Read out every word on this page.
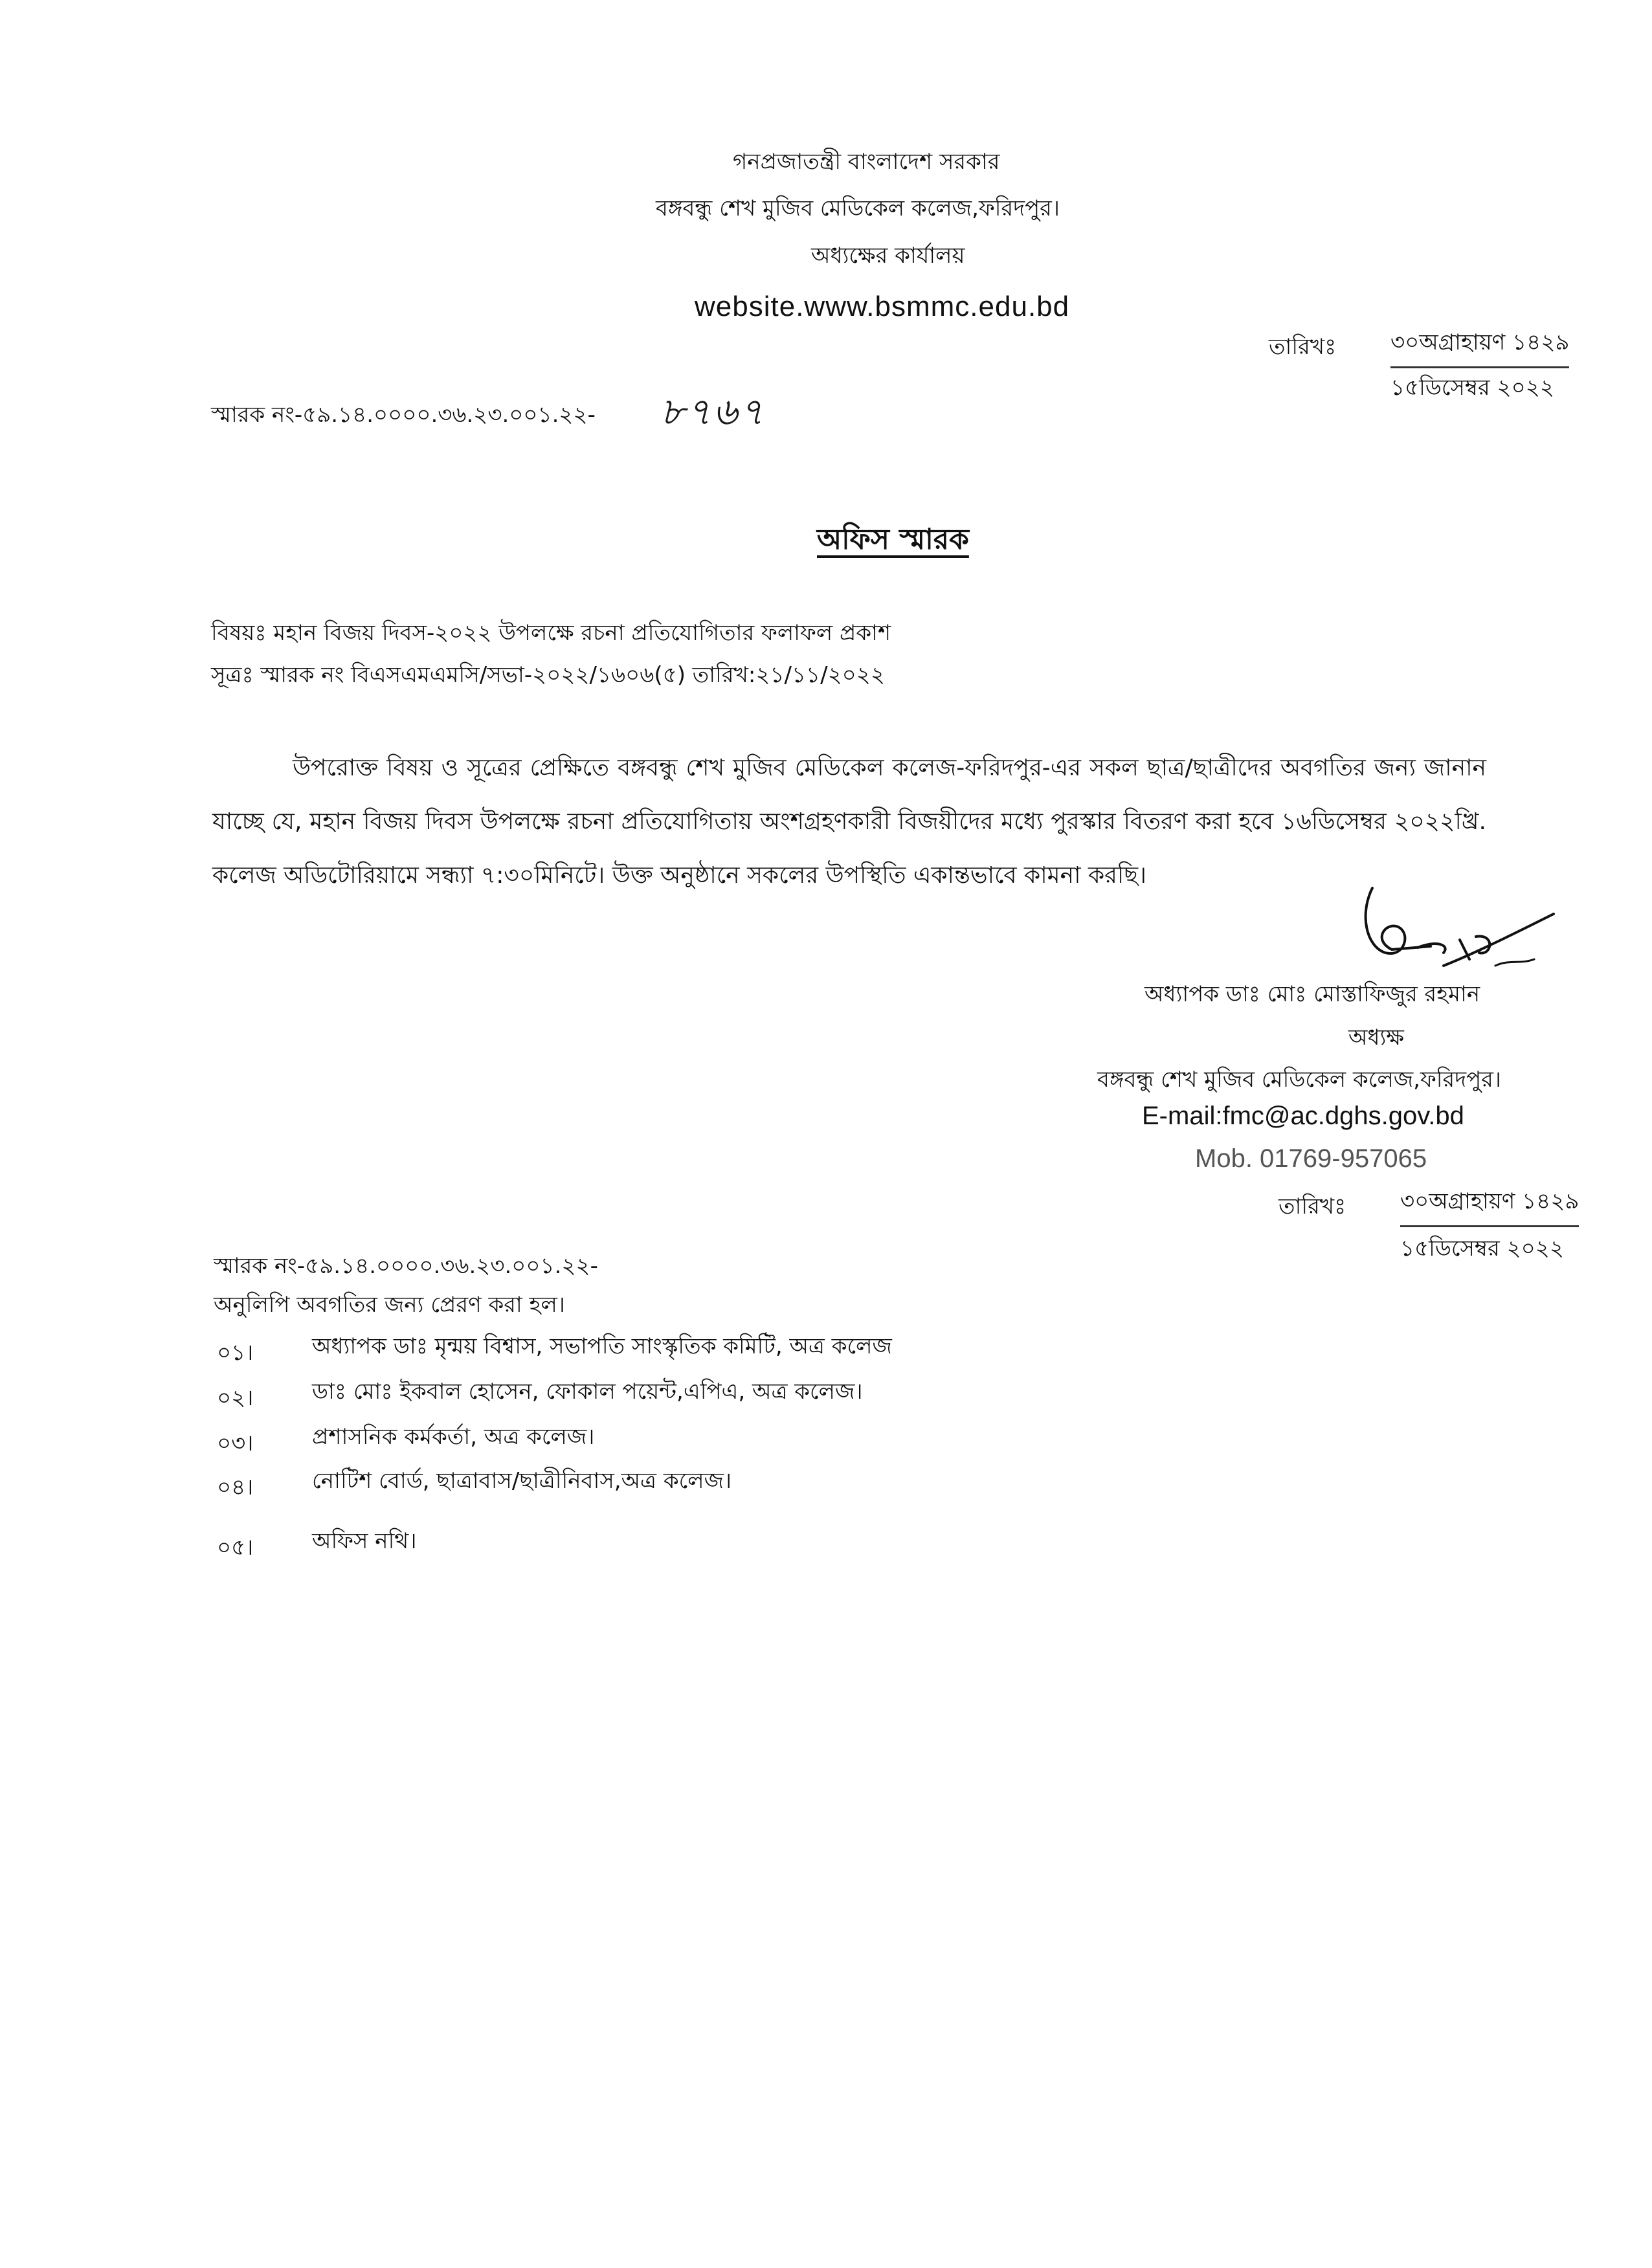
গনপ্রজাতন্ত্রী বাংলাদেশ সরকার
বঙ্গবন্ধু শেখ মুজিব মেডিকেল কলেজ,ফরিদপুর।
অধ্যক্ষের কার্যালয়
website.www.bsmmc.edu.bd
তারিখঃ ৩০অগ্রাহায়ণ ১৪২৯
১৫ডিসেম্বর ২০২২
স্মারক নং-৫৯.১৪.০০০০.৩৬.২৩.০০১.২২- ৮৭৬৭
অফিস স্মারক
বিষয়ঃ মহান বিজয় দিবস-২০২২ উপলক্ষে রচনা প্রতিযোগিতার ফলাফল প্রকাশ
সূত্রঃ স্মারক নং বিএসএমএমসি/সভা-২০২২/১৬০৬(৫) তারিখ:২১/১১/২০২২
উপরোক্ত বিষয় ও সূত্রের প্রেক্ষিতে বঙ্গবন্ধু শেখ মুজিব মেডিকেল কলেজ-ফরিদপুর-এর সকল ছাত্র/ছাত্রীদের অবগতির জন্য জানান যাচ্ছে যে, মহান বিজয় দিবস উপলক্ষে রচনা প্রতিযোগিতায় অংশগ্রহণকারী বিজয়ীদের মধ্যে পুরস্কার বিতরণ করা হবে ১৬ডিসেম্বর ২০২২খ্রি. কলেজ অডিটোরিয়ামে সন্ধ্যা ৭:৩০মিনিটে। উক্ত অনুষ্ঠানে সকলের উপস্থিতি একান্তভাবে কামনা করছি।
অধ্যাপক ডাঃ মোঃ মোস্তাফিজুর রহমান
অধ্যক্ষ
বঙ্গবন্ধু শেখ মুজিব মেডিকেল কলেজ,ফরিদপুর।
E-mail:fmc@ac.dghs.gov.bd
Mob. 01769-957065
তারিখঃ ৩০অগ্রাহায়ণ ১৪২৯
১৫ডিসেম্বর ২০২২
স্মারক নং-৫৯.১৪.০০০০.৩৬.২৩.০০১.২২-
অনুলিপি অবগতির জন্য প্রেরণ করা হল।
০১।	অধ্যাপক ডাঃ মৃন্ময় বিশ্বাস, সভাপতি সাংস্কৃতিক কমিটি, অত্র কলেজ
০২।	ডাঃ মোঃ ইকবাল হোসেন, ফোকাল পয়েন্ট,এপিএ, অত্র কলেজ।
০৩।	প্রশাসনিক কর্মকর্তা, অত্র কলেজ।
০৪।	নোটিশ বোর্ড, ছাত্রাবাস/ছাত্রীনিবাস,অত্র কলেজ।
০৫।	অফিস নথি।
